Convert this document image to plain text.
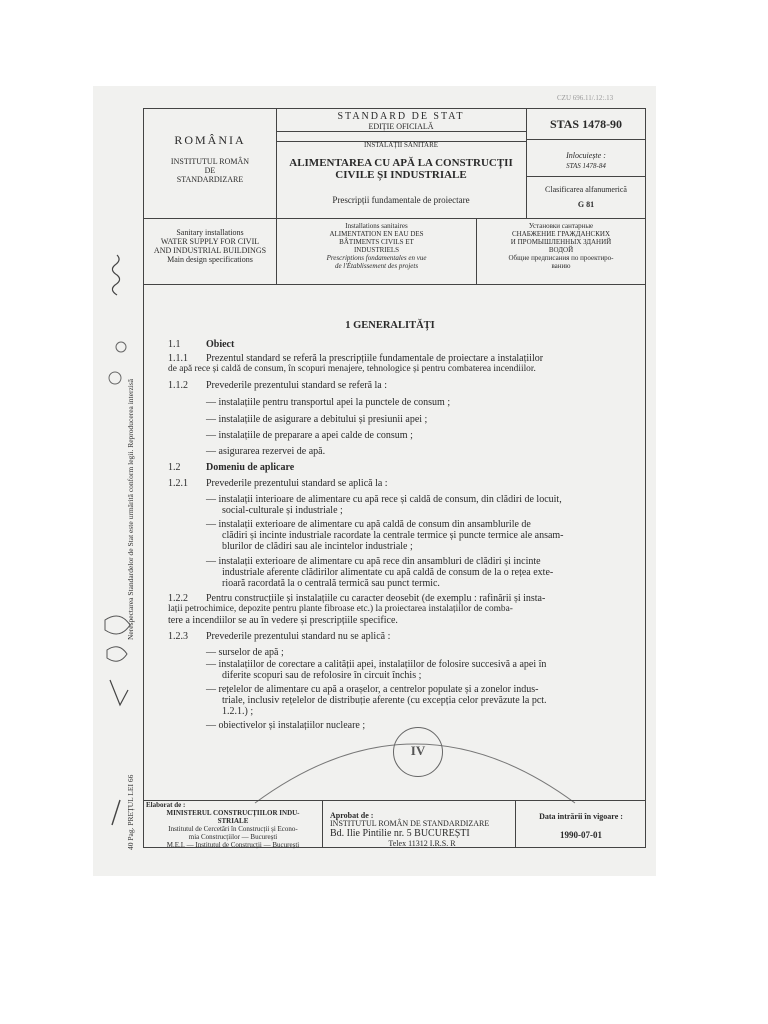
CZU 696.11/.12:.13
ROMÂNIA
INSTITUTUL ROMÂN
DE
STANDARDIZARE
STANDARD DE STAT
EDIȚIE OFICIALĂ
INSTALAȚII SANITARE
ALIMENTAREA CU APĂ LA CONSTRUCȚII
CIVILE ȘI INDUSTRIALE
Prescripții fundamentale de proiectare
STAS 1478-90
Inlocuiește :
STAS 1478-84
Clasificarea alfanumerică
G 81
Sanitary installations
WATER SUPPLY FOR CIVIL
AND INDUSTRIAL BUILDINGS
Main design specifications
Installations sanitaires
ALIMENTATION EN EAU DES
BÂTIMENTS CIVILS ET
INDUSTRIELS
Prescriptions fondamentales en vue
de l'Établissement des projets
Установки сантарные
СНАБЖЕНИЕ ГРАЖДАНСКИХ
И ПРОМЫШЛЕННЫХ ЗДАНИЙ
ВОДОЙ
Общие предписания по проектиро-
ванию
1 GENERALITĂȚI
1.1	Obiect
1.1.1 Prezentul standard se referă la prescripțiile fundamentale de proiectare a instalațiilor
de apă rece și caldă de consum, în scopuri menajere, tehnologice și pentru combaterea incendiilor.
1.1.2 Prevederile prezentului standard se referă la :
— instalațiile pentru transportul apei la punctele de consum ;
— instalațiile de asigurare a debitului și presiunii apei ;
— instalațiile de preparare a apei calde de consum ;
— asigurarea rezervei de apă.
1.2	Domeniu de aplicare
1.2.1 Prevederile prezentului standard se aplică la :
— instalații interioare de alimentare cu apă rece și caldă de consum, din clădiri de locuit,
social-culturale și industriale ;
— instalații exterioare de alimentare cu apă caldă de consum din ansamblurile de
clădiri și incinte industriale racordate la centrale termice și puncte termice ale ansam-
blurilor de clădiri sau ale incintelor industriale ;
— instalații exterioare de alimentare cu apă rece din ansambluri de clădiri și incinte
industriale aferente clădirilor alimentate cu apă caldă de consum de la o rețea exte-
rioară racordată la o centrală termică sau punct termic.
1.2.2 Pentru construcțiile și instalațiile cu caracter deosebit (de exemplu : rafinării și insta-
lații petrochimice, depozite pentru plante fibroase etc.) la proiectarea instalațiilor de comba-
tere a incendiilor se au în vedere și prescripțiile specifice.
1.2.3 Prevederile prezentului standard nu se aplică :
— surselor de apă ;
— instalațiilor de corectare a calității apei, instalațiilor de folosire succesivă a apei în
diferite scopuri sau de refolosire în circuit închis ;
— rețelelor de alimentare cu apă a orașelor, a centrelor populate și a zonelor indus-
triale, inclusiv rețelelor de distribuție aferente (cu excepția celor prevăzute la pct.
1.2.1.) ;
— obiectivelor și instalațiilor nucleare ;
IV
Elaborat de :
MINISTERUL CONSTRUCȚIILOR INDU-
STRIALE
Institutul de Cercetări în Construcții și Econo-
mia Construcțiilor — București
M.E.I. — Institutul de Construcții — București
Aprobat de :
INSTITUTUL ROMÂN DE STANDARDIZARE
Bd. Ilie Pintilie nr. 5 BUCUREȘTI
Telex 11312 I.R.S. R
Data intrării în vigoare :
1990-07-01
Nerespectarea Standardelor de Stat este urmărită conform legii. Reproducerea interzisă
40 Pag. PREȚUL LEI 66
